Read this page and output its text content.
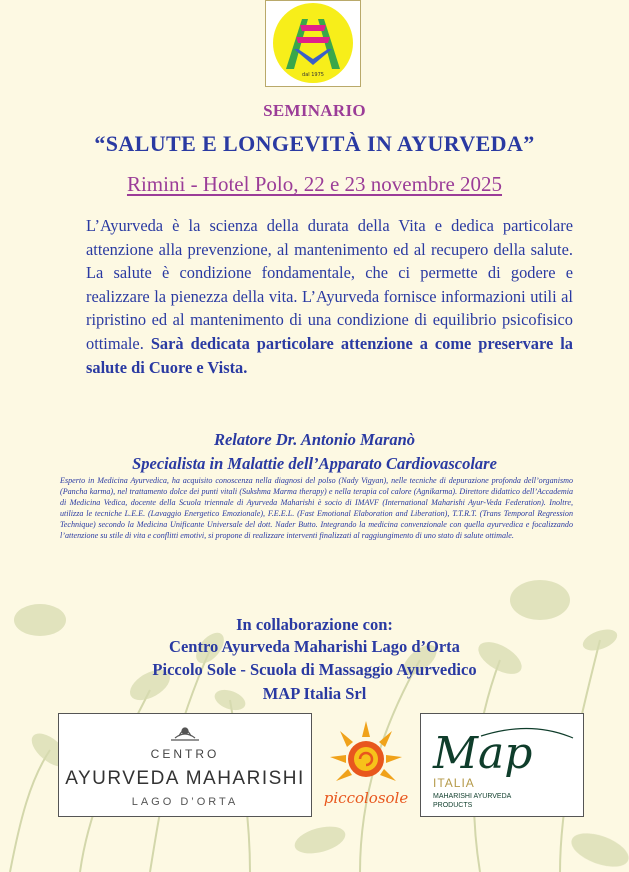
dal 1975
SEMINARIO
“SALUTE E LONGEVITÀ IN AYURVEDA”
Rimini - Hotel Polo, 22 e 23 novembre 2025

L’Ayurveda è la scienza della durata della Vita e dedica particolare attenzione alla prevenzione, al mantenimento ed al recupero della salute. La salute è condizione fondamentale, che ci permette di godere e realizzare la pienezza della vita. L’Ayurveda fornisce informazioni utili al ripristino ed al mantenimento di una condizione di equilibrio psicofisico ottimale. Sarà dedicata particolare attenzione a come preservare la salute di Cuore e Vista.

Relatore Dr. Antonio Maranò
Specialista in Malattie dell’Apparato Cardiovascolare

Esperto in Medicina Ayurvedica, ha acquisito conoscenza nella diagnosi del polso (Nady Vigyan), nelle tecniche di depurazione profonda dell’organismo (Pancha karma), nel trattamento dolce dei punti vitali (Sukshma Marma therapy) e nella terapia col calore (Agnikarma). Direttore didattico dell’Accademia di Medicina Vedica, docente della Scuola triennale di Ayurveda Maharishi è socio di IMAVF (International Maharishi Ayur-Veda Federation). Inoltre, utilizza le tecniche L.E.E. (Lavaggio Energetico Emozionale), F.E.E.L. (Fast Emotional Elaboration and Liberation), T.T.R.T. (Trans Temporal Regression Technique) secondo la Medicina Unificante Universale del dott. Nader Butto. Integrando la medicina convenzionale con quella ayurvedica e focalizzando l’attenzione su stile di vita e conflitti emotivi, si propone di realizzare interventi finalizzati al raggiungimento di uno stato di salute ottimale.

In collaborazione con:
Centro Ayurveda Maharishi Lago d’Orta
Piccolo Sole - Scuola di Massaggio Ayurvedico
MAP Italia Srl
CENTRO
AYURVEDA MAHARISHI
LAGO D’ORTA	piccolosole
Map
ITALIA
MAHARISHI AYURVEDA
PRODUCTS
